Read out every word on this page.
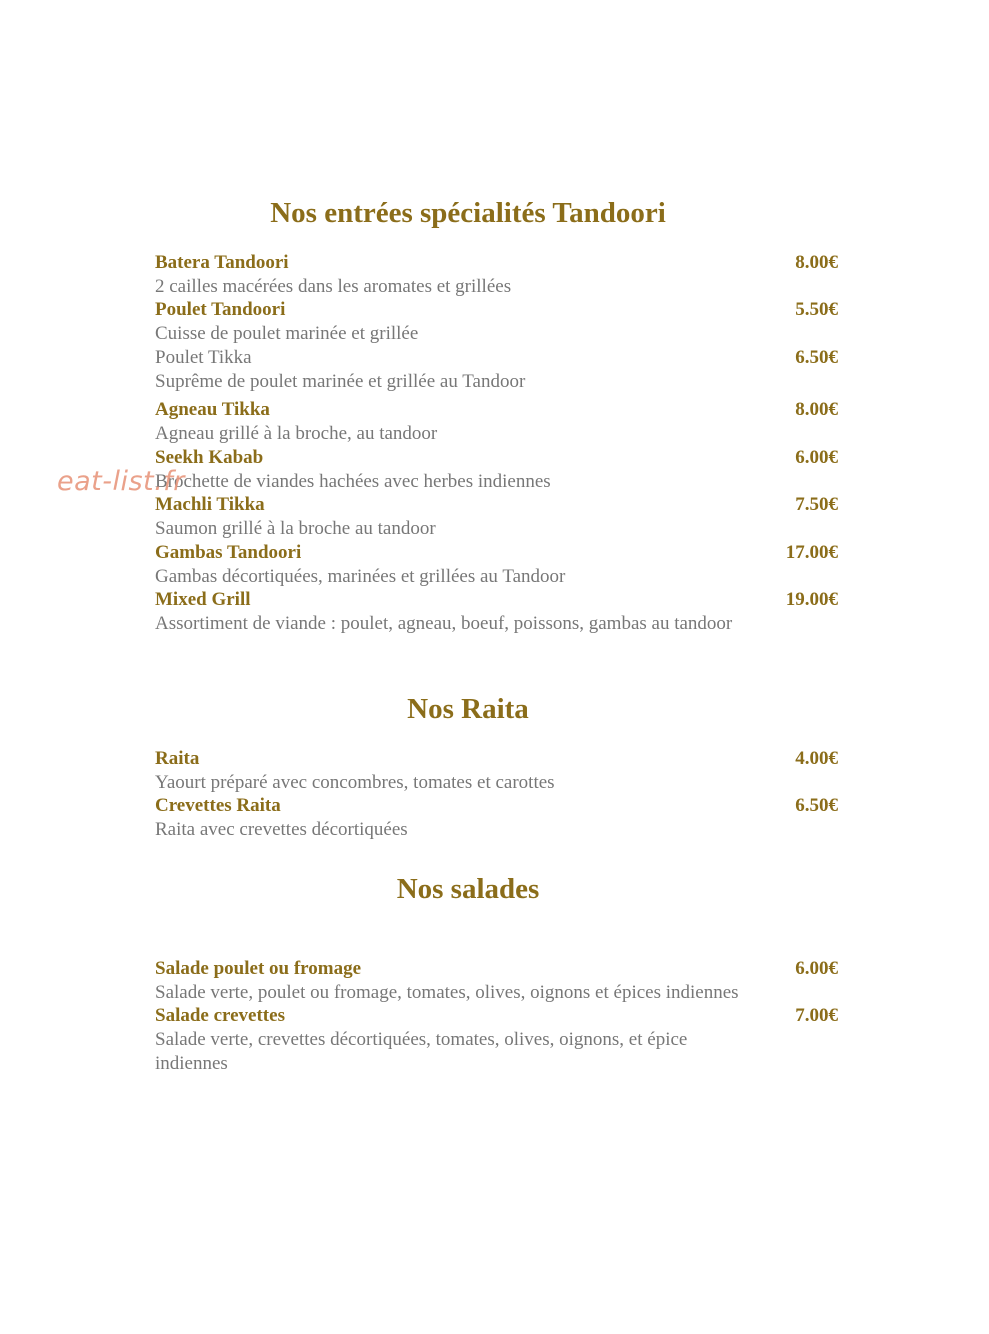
Nos entrées spécialités Tandoori
Batera Tandoori	8.00€
2 cailles macérées dans les aromates et grillées
Poulet Tandoori	5.50€
Cuisse de poulet marinée et grillée
Poulet Tikka	6.50€
Suprême de poulet marinée et grillée au Tandoor
Agneau Tikka	8.00€
Agneau grillé à la broche, au tandoor
Seekh Kabab	6.00€
Brochette de viandes hachées avec herbes indiennes
Machli Tikka	7.50€
Saumon grillé à la broche au tandoor
Gambas Tandoori	17.00€
Gambas décortiquées, marinées et grillées au Tandoor
Mixed Grill	19.00€
Assortiment de viande : poulet, agneau, boeuf, poissons, gambas au tandoor
Nos Raita
Raita	4.00€
Yaourt préparé avec concombres, tomates et carottes
Crevettes Raita	6.50€
Raita avec crevettes décortiquées
Nos salades
Salade poulet ou fromage	6.00€
Salade verte, poulet ou fromage, tomates, olives, oignons et épices indiennes
Salade crevettes	7.00€
Salade verte, crevettes décortiquées, tomates, olives, oignons, et épice indiennes
eat-list.fr
